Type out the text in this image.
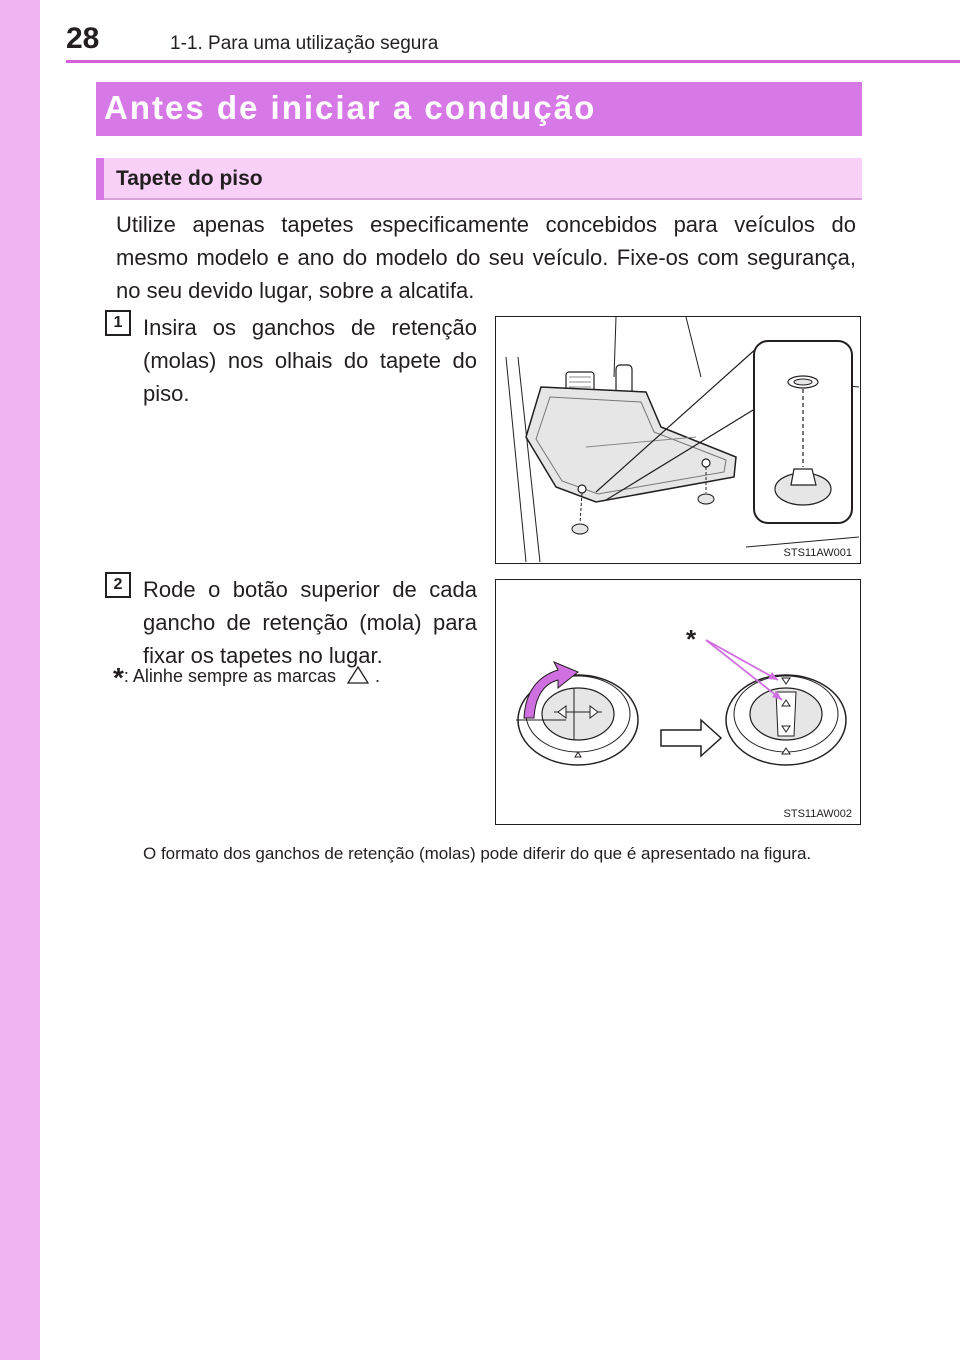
28	1-1. Para uma utilização segura
Antes de iniciar a condução
Tapete do piso
Utilize apenas tapetes especificamente concebidos para veículos do mesmo modelo e ano do modelo do seu veículo. Fixe-os com segurança, no seu devido lugar, sobre a alcatifa.
1 Insira os ganchos de retenção (molas) nos olhais do tapete do piso.
STS11AW001
2 Rode o botão superior de cada gancho de retenção (mola) para fixar os tapetes no lugar.
*: Alinhe sempre as marcas .
*
STS11AW002
O formato dos ganchos de retenção (molas) pode diferir do que é apresentado na figura.
